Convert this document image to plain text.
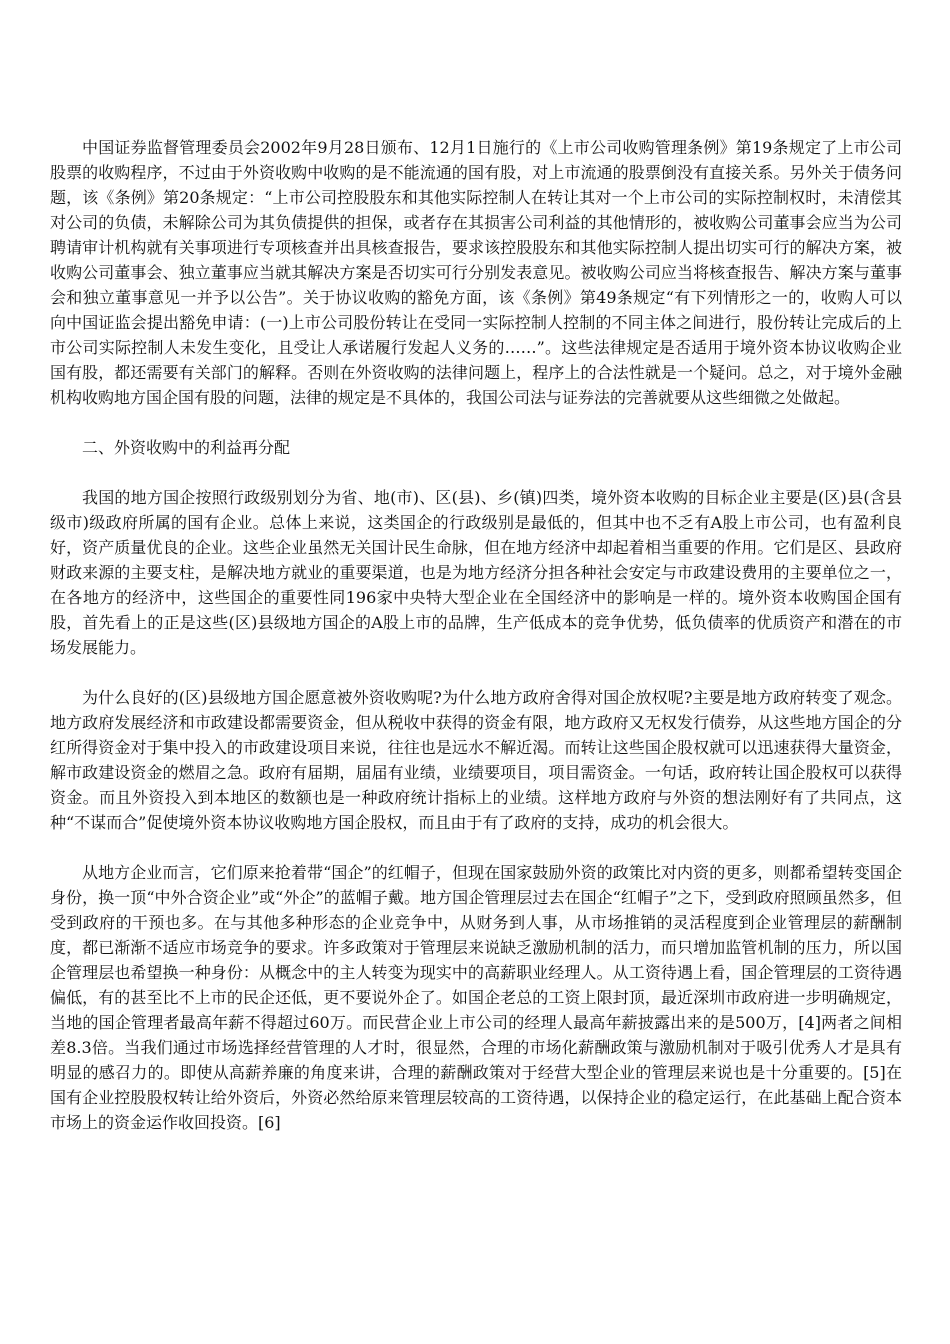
中国证券监督管理委员会2002年9月28日颁布、12月1日施行的《上市公司收购管理条例》第19条规定了上市公司股票的收购程序，不过由于外资收购中收购的是不能流通的国有股，对上市流通的股票倒没有直接关系。另外关于债务问题，该《条例》第20条规定：“上市公司控股股东和其他实际控制人在转让其对一个上市公司的实际控制权时，未清偿其对公司的负债，未解除公司为其负债提供的担保，或者存在其损害公司利益的其他情形的，被收购公司董事会应当为公司聘请审计机构就有关事项进行专项核查并出具核查报告，要求该控股股东和其他实际控制人提出切实可行的解决方案，被收购公司董事会、独立董事应当就其解决方案是否切实可行分别发表意见。被收购公司应当将核查报告、解决方案与董事会和独立董事意见一并予以公告”。关于协议收购的豁免方面，该《条例》第49条规定“有下列情形之一的，收购人可以向中国证监会提出豁免申请：(一)上市公司股份转让在受同一实际控制人控制的不同主体之间进行，股份转让完成后的上市公司实际控制人未发生变化，且受让人承诺履行发起人义务的……”。这些法律规定是否适用于境外资本协议收购企业国有股，都还需要有关部门的解释。否则在外资收购的法律问题上，程序上的合法性就是一个疑问。总之，对于境外金融机构收购地方国企国有股的问题，法律的规定是不具体的，我国公司法与证券法的完善就要从这些细微之处做起。

二、外资收购中的利益再分配

我国的地方国企按照行政级别划分为省、地(市)、区(县)、乡(镇)四类，境外资本收购的目标企业主要是(区)县(含县级市)级政府所属的国有企业。总体上来说，这类国企的行政级别是最低的，但其中也不乏有A股上市公司，也有盈利良好，资产质量优良的企业。这些企业虽然无关国计民生命脉，但在地方经济中却起着相当重要的作用。它们是区、县政府财政来源的主要支柱，是解决地方就业的重要渠道，也是为地方经济分担各种社会安定与市政建设费用的主要单位之一，在各地方的经济中，这些国企的重要性同196家中央特大型企业在全国经济中的影响是一样的。境外资本收购国企国有股，首先看上的正是这些(区)县级地方国企的A股上市的品牌，生产低成本的竞争优势，低负债率的优质资产和潜在的市场发展能力。

为什么良好的(区)县级地方国企愿意被外资收购呢?为什么地方政府舍得对国企放权呢?主要是地方政府转变了观念。地方政府发展经济和市政建设都需要资金，但从税收中获得的资金有限，地方政府又无权发行债券，从这些地方国企的分红所得资金对于集中投入的市政建设项目来说，往往也是远水不解近渴。而转让这些国企股权就可以迅速获得大量资金，解市政建设资金的燃眉之急。政府有届期，届届有业绩，业绩要项目，项目需资金。一句话，政府转让国企股权可以获得资金。而且外资投入到本地区的数额也是一种政府统计指标上的业绩。这样地方政府与外资的想法刚好有了共同点，这种“不谋而合”促使境外资本协议收购地方国企股权，而且由于有了政府的支持，成功的机会很大。

从地方企业而言，它们原来抢着带“国企”的红帽子，但现在国家鼓励外资的政策比对内资的更多，则都希望转变国企身份，换一顶“中外合资企业”或“外企”的蓝帽子戴。地方国企管理层过去在国企“红帽子”之下，受到政府照顾虽然多，但受到政府的干预也多。在与其他多种形态的企业竞争中，从财务到人事，从市场推销的灵活程度到企业管理层的薪酬制度，都已渐渐不适应市场竞争的要求。许多政策对于管理层来说缺乏激励机制的活力，而只增加监管机制的压力，所以国企管理层也希望换一种身份：从概念中的主人转变为现实中的高薪职业经理人。从工资待遇上看，国企管理层的工资待遇偏低，有的甚至比不上市的民企还低，更不要说外企了。如国企老总的工资上限封顶，最近深圳市政府进一步明确规定，当地的国企管理者最高年薪不得超过60万。而民营企业上市公司的经理人最高年薪披露出来的是500万，[4]两者之间相差8.3倍。当我们通过市场选择经营管理的人才时，很显然，合理的市场化薪酬政策与激励机制对于吸引优秀人才是具有明显的感召力的。即使从高薪养廉的角度来讲，合理的薪酬政策对于经营大型企业的管理层来说也是十分重要的。[5]在国有企业控股股权转让给外资后，外资必然给原来管理层较高的工资待遇，以保持企业的稳定运行，在此基础上配合资本市场上的资金运作收回投资。[6]
